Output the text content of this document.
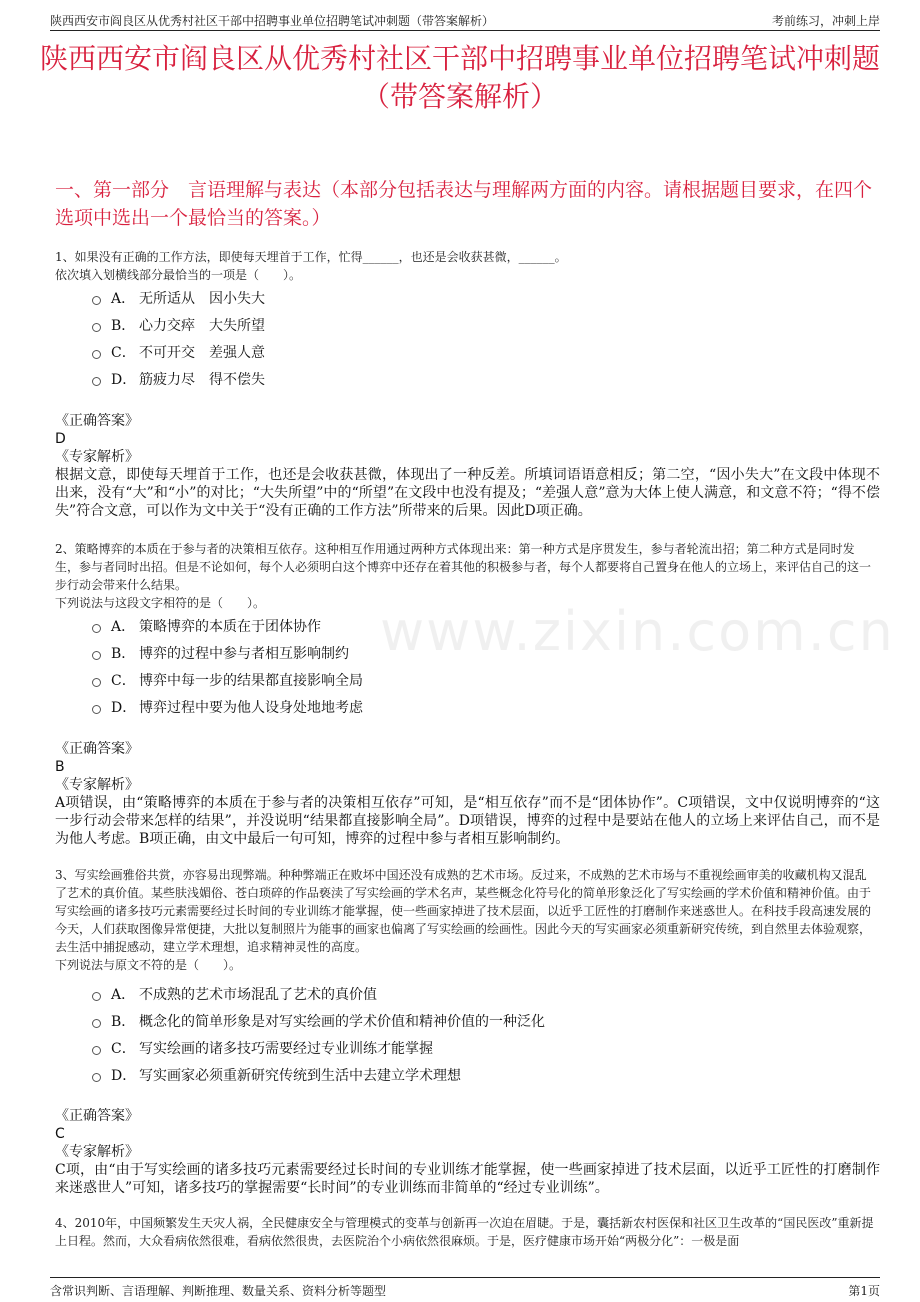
陕西西安市阎良区从优秀村社区干部中招聘事业单位招聘笔试冲刺题（带答案解析）	考前练习，冲刺上岸
陕西西安市阎良区从优秀村社区干部中招聘事业单位招聘笔试冲刺题（带答案解析）
一、第一部分　言语理解与表达（本部分包括表达与理解两方面的内容。请根据题目要求，在四个选项中选出一个最恰当的答案。）
www.zixin.com.cn

1、如果没有正确的工作方法，即使每天埋首于工作，忙得______，也还是会收获甚微，______。

依次填入划横线部分最恰当的一项是（　　）。

A． 无所适从　因小失大
B． 心力交瘁　大失所望
C． 不可开交　差强人意
D． 筋疲力尽　得不偿失
《正确答案》
D
《专家解析》
根据文意，即使每天埋首于工作，也还是会收获甚微，体现出了一种反差。所填词语语意相反；第二空，“因小失大”在文段中体现不出来，没有“大”和“小”的对比；“大失所望”中的“所望”在文段中也没有提及；“差强人意”意为大体上使人满意，和文意不符；“得不偿失”符合文意，可以作为文中关于“没有正确的工作方法”所带来的后果。因此D项正确。

2、策略博弈的本质在于参与者的决策相互依存。这种相互作用通过两种方式体现出来：第一种方式是序贯发生，参与者轮流出招；第二种方式是同时发生，参与者同时出招。但是不论如何，每个人必须明白这个博弈中还存在着其他的积极参与者，每个人都要将自己置身在他人的立场上，来评估自己的这一步行动会带来什么结果。

下列说法与这段文字相符的是（　　）。

A． 策略博弈的本质在于团体协作
B． 博弈的过程中参与者相互影响制约
C． 博弈中每一步的结果都直接影响全局
D． 博弈过程中要为他人设身处地地考虑
《正确答案》
B
《专家解析》
A项错误，由“策略博弈的本质在于参与者的决策相互依存”可知，是“相互依存”而不是“团体协作”。C项错误，文中仅说明博弈的“这一步行动会带来怎样的结果”，并没说明“结果都直接影响全局”。D项错误，博弈的过程中是要站在他人的立场上来评估自己，而不是为他人考虑。B项正确，由文中最后一句可知，博弈的过程中参与者相互影响制约。

3、写实绘画雅俗共赏，亦容易出现弊端。种种弊端正在败坏中国还没有成熟的艺术市场。反过来，不成熟的艺术市场与不重视绘画审美的收藏机构又混乱了艺术的真价值。某些肤浅媚俗、苍白琐碎的作品亵渎了写实绘画的学术名声，某些概念化符号化的简单形象泛化了写实绘画的学术价值和精神价值。由于写实绘画的诸多技巧元素需要经过长时间的专业训练才能掌握，使一些画家掉进了技术层面，以近乎工匠性的打磨制作来迷惑世人。在科技手段高速发展的今天，人们获取图像异常便捷，大批以复制照片为能事的画家也偏离了写实绘画的绘画性。因此今天的写实画家必须重新研究传统，到自然里去体验观察，去生活中捕捉感动，建立学术理想，追求精神灵性的高度。

下列说法与原文不符的是（　　）。

A． 不成熟的艺术市场混乱了艺术的真价值
B． 概念化的简单形象是对写实绘画的学术价值和精神价值的一种泛化
C． 写实绘画的诸多技巧需要经过专业训练才能掌握
D． 写实画家必须重新研究传统到生活中去建立学术理想
《正确答案》
C
《专家解析》
C项，由“由于写实绘画的诸多技巧元素需要经过长时间的专业训练才能掌握，使一些画家掉进了技术层面，以近乎工匠性的打磨制作来迷惑世人”可知，诸多技巧的掌握需要“长时间”的专业训练而非简单的“经过专业训练”。

4、2010年，中国频繁发生天灾人祸，全民健康安全与管理模式的变革与创新再一次迫在眉睫。于是，囊括新农村医保和社区卫生改革的“国民医改”重新提上日程。然而，大众看病依然很难，看病依然很贵，去医院治个小病依然很麻烦。于是，医疗健康市场开始“两极分化”：一极是面

含常识判断、言语理解、判断推理、数量关系、资料分析等题型	第1页
